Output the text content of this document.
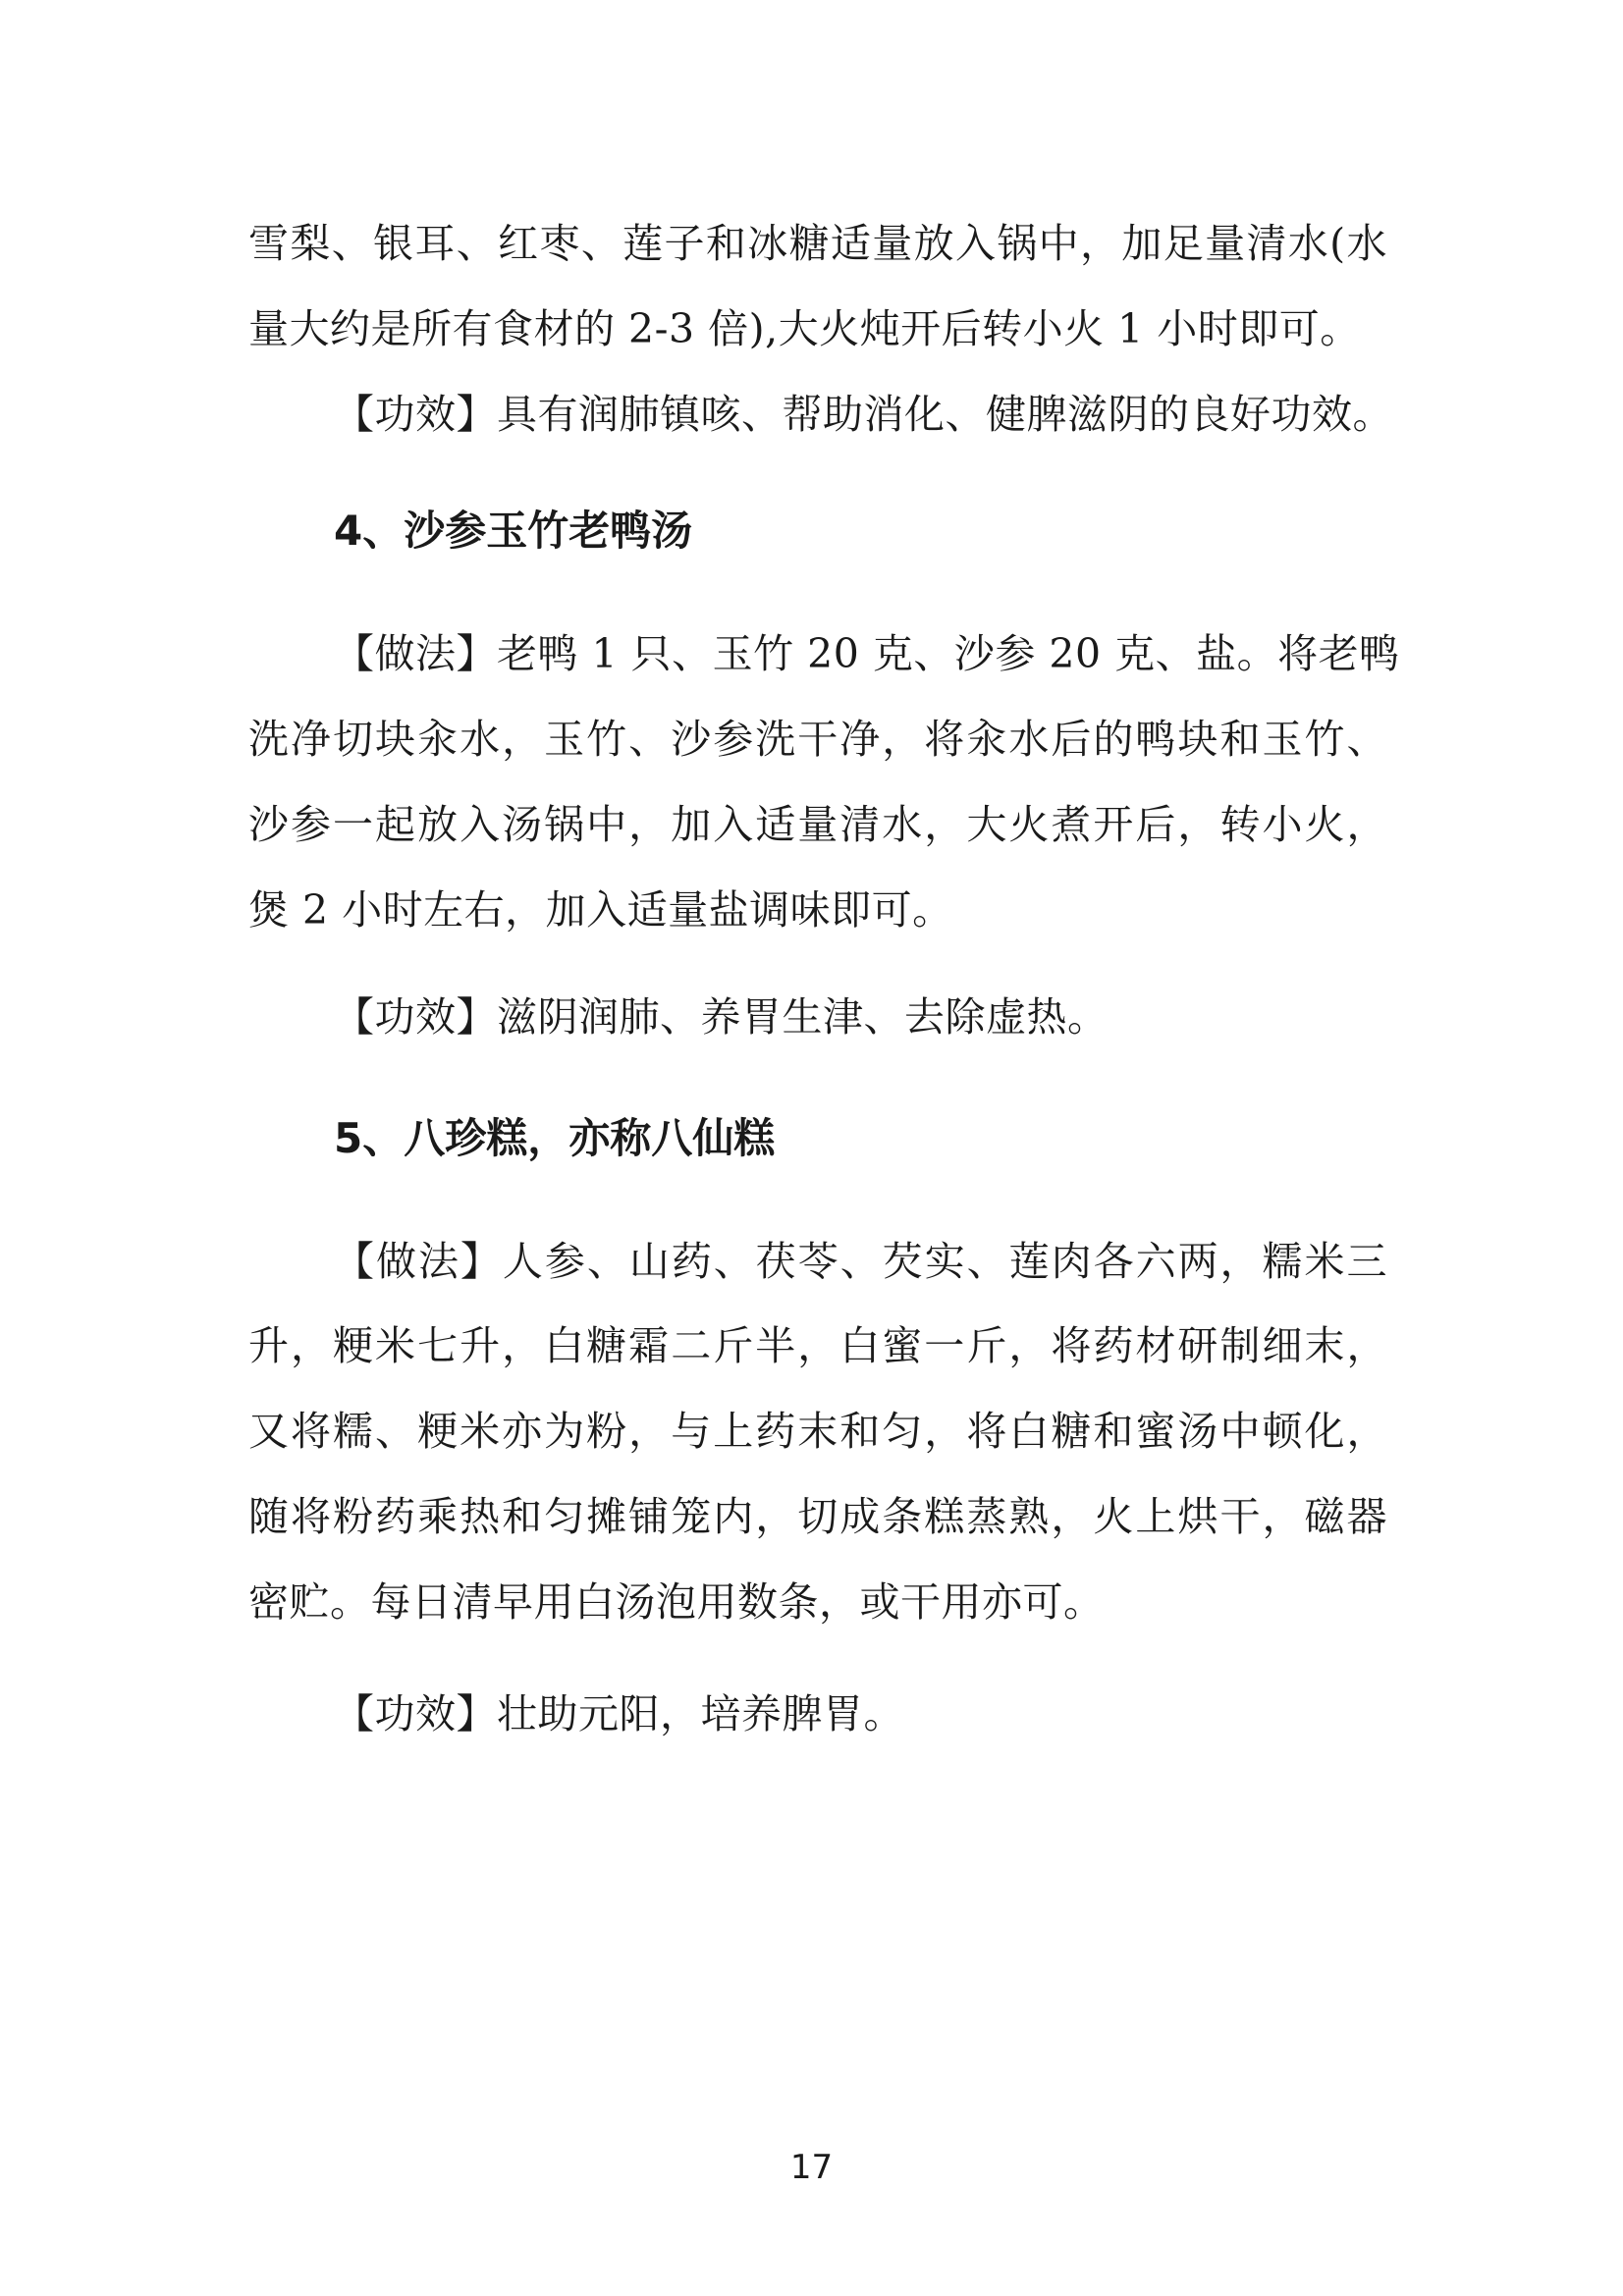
雪梨、银耳、红枣、莲子和冰糖适量放入锅中，加足量清水(水
量大约是所有食材的 2-3 倍),大火炖开后转小火 1 小时即可。
【功效】具有润肺镇咳、帮助消化、健脾滋阴的良好功效。
4、沙参玉竹老鸭汤
【做法】老鸭 1 只、玉竹 20 克、沙参 20 克、盐。将老鸭
洗净切块汆水，玉竹、沙参洗干净，将汆水后的鸭块和玉竹、
沙参一起放入汤锅中，加入适量清水，大火煮开后，转小火，
煲 2 小时左右，加入适量盐调味即可。
【功效】滋阴润肺、养胃生津、去除虚热。
5、八珍糕，亦称八仙糕
【做法】人参、山药、茯苓、芡实、莲肉各六两，糯米三
升，粳米七升，白糖霜二斤半，白蜜一斤，将药材研制细末，
又将糯、粳米亦为粉，与上药末和匀，将白糖和蜜汤中顿化，
随将粉药乘热和匀摊铺笼内，切成条糕蒸熟，火上烘干，磁器
密贮。每日清早用白汤泡用数条，或干用亦可。
【功效】壮助元阳，培养脾胃。
17
